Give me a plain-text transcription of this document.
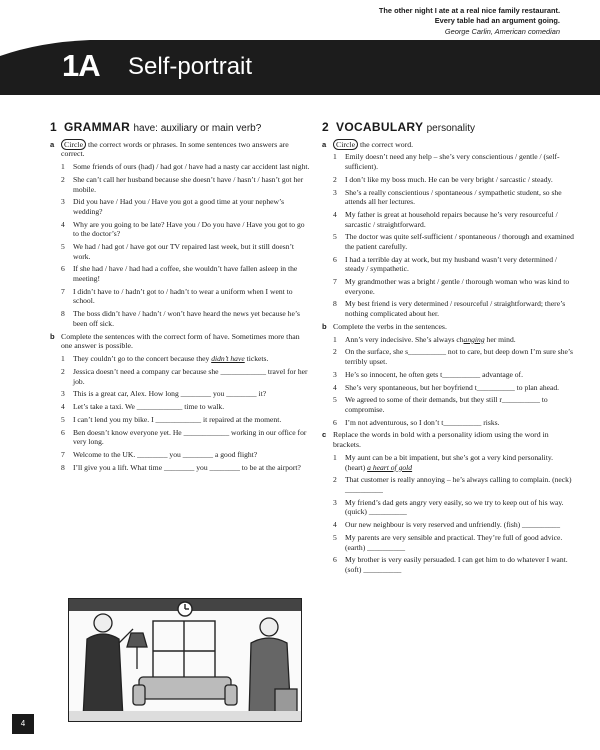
The other night I ate at a real nice family restaurant.
Every table had an argument going.
George Carlin, American comedian
1A Self-portrait
1 GRAMMAR have: auxiliary or main verb?
a	Circle the correct words or phrases. In some sentences two answers are correct.
1 Some friends of ours (had) / had got / have had a nasty car accident last night.
2 She can’t call her husband because she doesn’t have / hasn’t / hasn’t got her mobile.
3 Did you have / Had you / Have you got a good time at your nephew’s wedding?
4 Why are you going to be late? Have you / Do you have / Have you got to go to the doctor’s?
5 We had / had got / have got our TV repaired last week, but it still doesn’t work.
6 If she had / have / had had a coffee, she wouldn’t have fallen asleep in the meeting!
7 I didn’t have to / hadn’t got to / hadn’t to wear a uniform when I went to school.
8 The boss didn’t have / hadn’t / won’t have heard the news yet because he’s been off sick.
b Complete the sentences with the correct form of have. Sometimes more than one answer is possible.
1 They couldn’t go to the concert because they didn’t have tickets.
2 Jessica doesn’t need a company car because she ____________ travel for her job.
3 This is a great car, Alex. How long ________ you ________ it?
4 Let’s take a taxi. We ____________ time to walk.
5 I can’t lend you my bike. I ____________ it repaired at the moment.
6 Ben doesn’t know everyone yet. He ____________ working in our office for very long.
7 Welcome to the UK. ________ you ________ a good flight?
8 I’ll give you a lift. What time ________ you ________ to be at the airport?
2 VOCABULARY personality
a	Circle the correct word.
1 Emily doesn’t need any help – she’s very conscientious / gentle / (self-sufficient).
2 I don’t like my boss much. He can be very bright / sarcastic / steady.
3 She’s a really conscientious / spontaneous / sympathetic student, so she attends all her lectures.
4 My father is great at household repairs because he’s very resourceful / sarcastic / straightforward.
5 The doctor was quite self-sufficient / spontaneous / thorough and examined the patient carefully.
6 I had a terrible day at work, but my husband wasn’t very determined / steady / sympathetic.
7 My grandmother was a bright / gentle / thorough woman who was kind to everyone.
8 My best friend is very determined / resourceful / straightforward; there’s nothing complicated about her.
b Complete the verbs in the sentences.
1 Ann’s very indecisive. She’s always changing her mind.
2 On the surface, she s__________ not to care, but deep down I’m sure she’s terribly upset.
3 He’s so innocent, he often gets t__________ advantage of.
4 She’s very spontaneous, but her boyfriend t__________ to plan ahead.
5 We agreed to some of their demands, but they still r__________ to compromise.
6 I’m not adventurous, so I don’t t__________ risks.
c Replace the words in bold with a personality idiom using the word in brackets.
1 My aunt can be a bit impatient, but she’s got a very kind personality. (heart) a heart of gold
2 That customer is really annoying – he’s always calling to complain. (neck) __________
3 My friend’s dad gets angry very easily, so we try to keep out of his way. (quick) __________
4 Our new neighbour is very reserved and unfriendly. (fish) __________
5 My parents are very sensible and practical. They’re full of good advice. (earth) __________
6 My brother is very easily persuaded. I can get him to do whatever I want. (soft) __________
4
